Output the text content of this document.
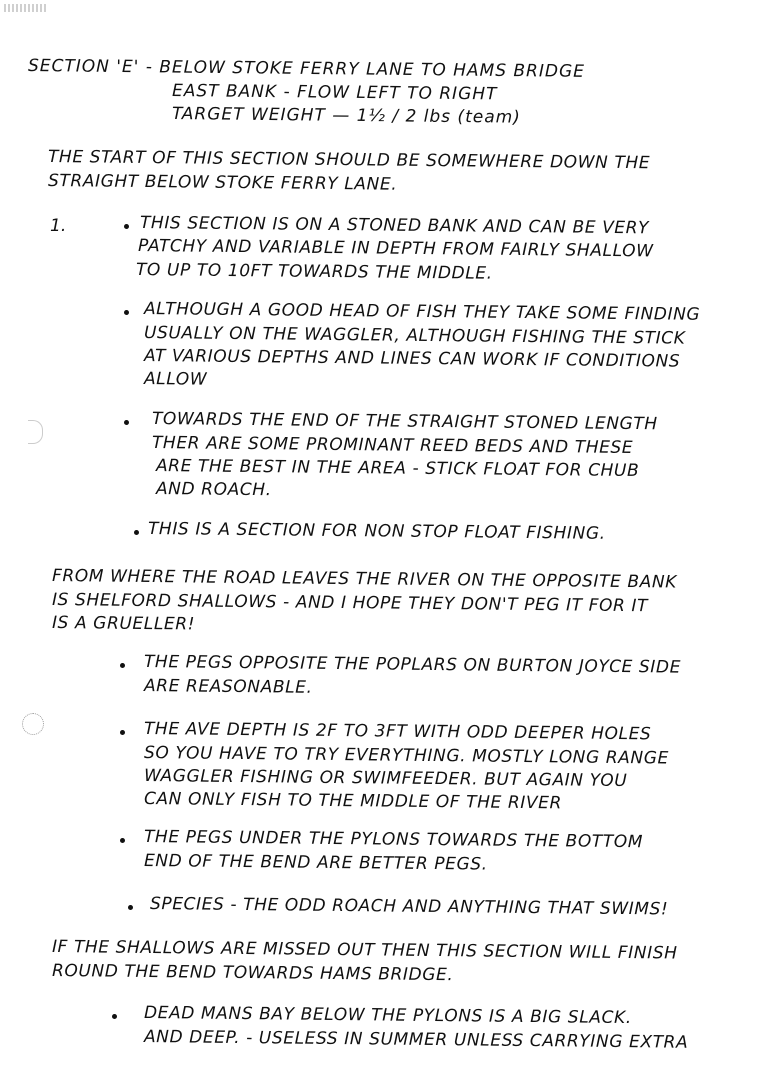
SECTION 'E' - BELOW STOKE FERRY LANE TO HAMS BRIDGE
EAST BANK - FLOW LEFT TO RIGHT
TARGET WEIGHT — 1½ / 2 lbs (team)
THE START OF THIS SECTION SHOULD BE SOMEWHERE DOWN THE
STRAIGHT BELOW STOKE FERRY LANE.
1.	THIS SECTION IS ON A STONED BANK AND CAN BE VERY
PATCHY AND VARIABLE IN DEPTH FROM FAIRLY SHALLOW
TO UP TO 10FT TOWARDS THE MIDDLE.
ALTHOUGH A GOOD HEAD OF FISH THEY TAKE SOME FINDING
USUALLY ON THE WAGGLER, ALTHOUGH FISHING THE STICK
AT VARIOUS DEPTHS AND LINES CAN WORK IF CONDITIONS
ALLOW
TOWARDS THE END OF THE STRAIGHT STONED LENGTH
THER ARE SOME PROMINANT REED BEDS AND THESE
ARE THE BEST IN THE AREA - STICK FLOAT FOR CHUB
AND ROACH.
THIS IS A SECTION FOR NON STOP FLOAT FISHING.
FROM WHERE THE ROAD LEAVES THE RIVER ON THE OPPOSITE BANK
IS SHELFORD SHALLOWS - AND I HOPE THEY DON'T PEG IT FOR IT
IS A GRUELLER!
THE PEGS OPPOSITE THE POPLARS ON BURTON JOYCE SIDE
ARE REASONABLE.
THE AVE DEPTH IS 2F TO 3FT WITH ODD DEEPER HOLES
SO YOU HAVE TO TRY EVERYTHING. MOSTLY LONG RANGE
WAGGLER FISHING OR SWIMFEEDER. BUT AGAIN YOU
CAN ONLY FISH TO THE MIDDLE OF THE RIVER
THE PEGS UNDER THE PYLONS TOWARDS THE BOTTOM
END OF THE BEND ARE BETTER PEGS.
SPECIES - THE ODD ROACH AND ANYTHING THAT SWIMS!
IF THE SHALLOWS ARE MISSED OUT THEN THIS SECTION WILL FINISH
ROUND THE BEND TOWARDS HAMS BRIDGE.
DEAD MANS BAY BELOW THE PYLONS IS A BIG SLACK.
AND DEEP. - USELESS IN SUMMER UNLESS CARRYING EXTRA
